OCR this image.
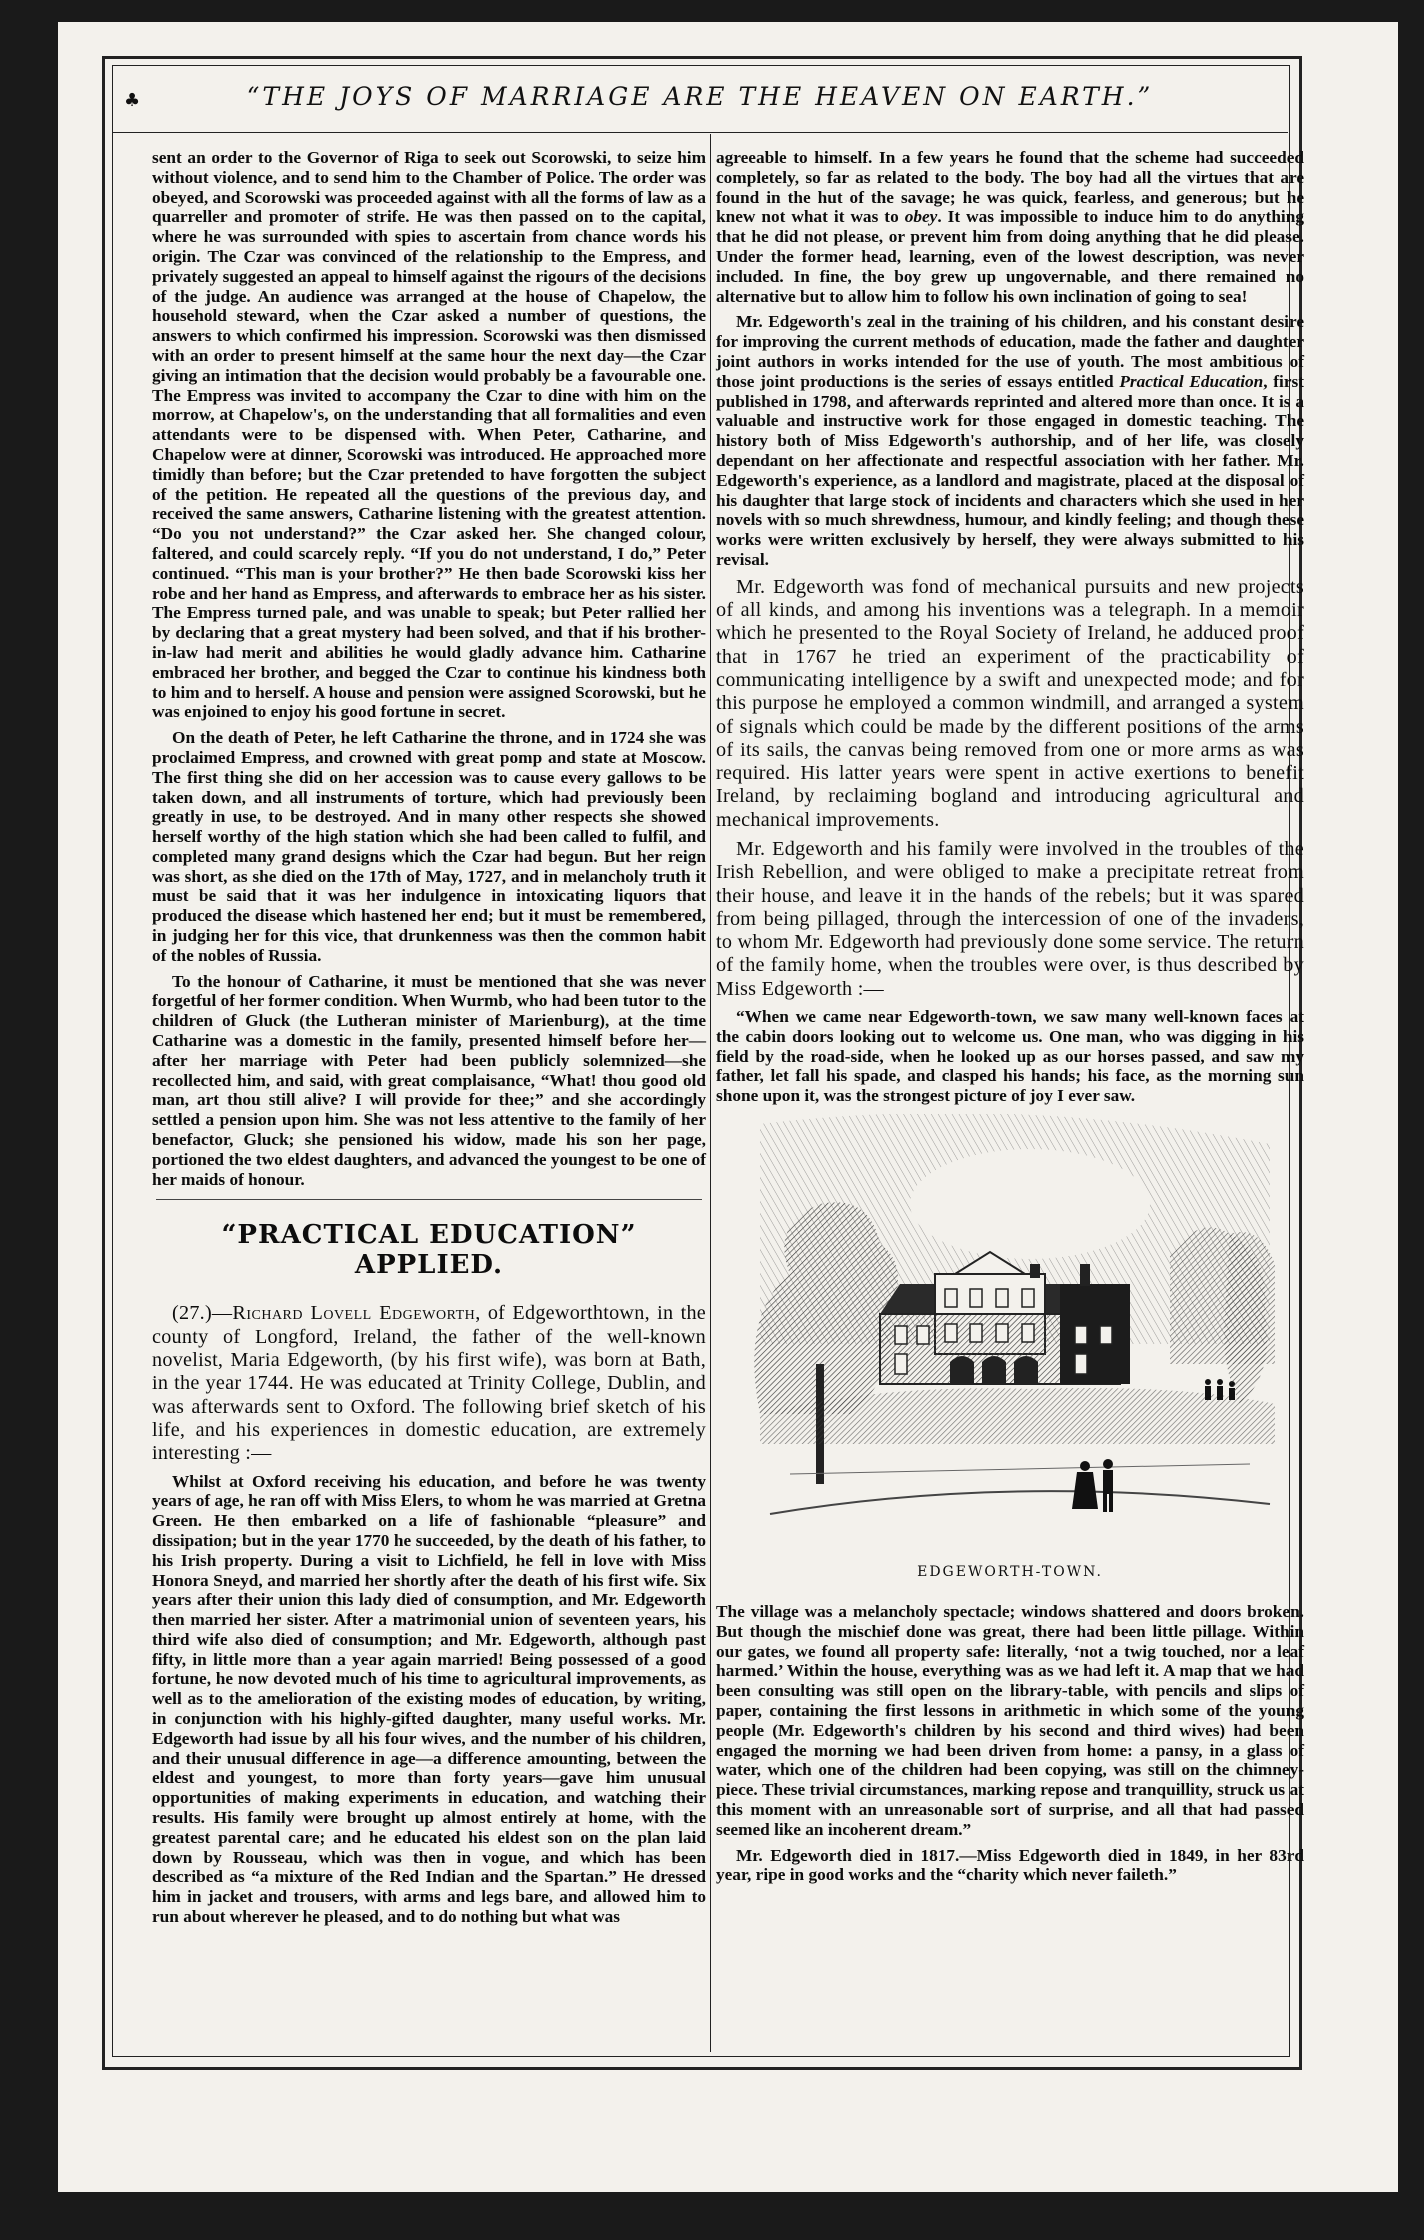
♣	“THE JOYS OF MARRIAGE ARE THE HEAVEN ON EARTH.”

sent an order to the Governor of Riga to seek out Scorowski, to seize him without violence, and to send him to the Chamber of Police. The order was obeyed, and Scorowski was proceeded against with all the forms of law as a quarreller and promoter of strife. He was then passed on to the capital, where he was surrounded with spies to ascertain from chance words his origin. The Czar was convinced of the relationship to the Empress, and privately suggested an appeal to himself against the rigours of the decisions of the judge. An audience was arranged at the house of Chapelow, the household steward, when the Czar asked a number of questions, the answers to which confirmed his impression. Scorowski was then dismissed with an order to present himself at the same hour the next day—the Czar giving an intimation that the decision would probably be a favourable one. The Empress was invited to accompany the Czar to dine with him on the morrow, at Chapelow's, on the understanding that all formalities and even attendants were to be dispensed with. When Peter, Catharine, and Chapelow were at dinner, Scorowski was introduced. He approached more timidly than before; but the Czar pretended to have forgotten the subject of the petition. He repeated all the questions of the previous day, and received the same answers, Catharine listening with the greatest attention. “Do you not understand?” the Czar asked her. She changed colour, faltered, and could scarcely reply. “If you do not understand, I do,” Peter continued. “This man is your brother?” He then bade Scorowski kiss her robe and her hand as Empress, and afterwards to embrace her as his sister. The Empress turned pale, and was unable to speak; but Peter rallied her by declaring that a great mystery had been solved, and that if his brother-in-law had merit and abilities he would gladly advance him. Catharine embraced her brother, and begged the Czar to continue his kindness both to him and to herself. A house and pension were assigned Scorowski, but he was enjoined to enjoy his good fortune in secret.

On the death of Peter, he left Catharine the throne, and in 1724 she was proclaimed Empress, and crowned with great pomp and state at Moscow. The first thing she did on her accession was to cause every gallows to be taken down, and all instruments of torture, which had previously been greatly in use, to be destroyed. And in many other respects she showed herself worthy of the high station which she had been called to fulfil, and completed many grand designs which the Czar had begun. But her reign was short, as she died on the 17th of May, 1727, and in melancholy truth it must be said that it was her indulgence in intoxicating liquors that produced the disease which hastened her end; but it must be remembered, in judging her for this vice, that drunkenness was then the common habit of the nobles of Russia.

To the honour of Catharine, it must be mentioned that she was never forgetful of her former condition. When Wurmb, who had been tutor to the children of Gluck (the Lutheran minister of Marienburg), at the time Catharine was a domestic in the family, presented himself before her—after her marriage with Peter had been publicly solemnized—she recollected him, and said, with great complaisance, “What! thou good old man, art thou still alive? I will provide for thee;” and she accordingly settled a pension upon him. She was not less attentive to the family of her benefactor, Gluck; she pensioned his widow, made his son her page, portioned the two eldest daughters, and advanced the youngest to be one of her maids of honour.

“PRACTICAL EDUCATION” APPLIED.

(27.)—Richard Lovell Edgeworth, of Edgeworthtown, in the county of Longford, Ireland, the father of the well-known novelist, Maria Edgeworth, (by his first wife), was born at Bath, in the year 1744. He was educated at Trinity College, Dublin, and was afterwards sent to Oxford. The following brief sketch of his life, and his experiences in domestic education, are extremely interesting :—

Whilst at Oxford receiving his education, and before he was twenty years of age, he ran off with Miss Elers, to whom he was married at Gretna Green. He then embarked on a life of fashionable “pleasure” and dissipation; but in the year 1770 he succeeded, by the death of his father, to his Irish property. During a visit to Lichfield, he fell in love with Miss Honora Sneyd, and married her shortly after the death of his first wife. Six years after their union this lady died of consumption, and Mr. Edgeworth then married her sister. After a matrimonial union of seventeen years, his third wife also died of consumption; and Mr. Edgeworth, although past fifty, in little more than a year again married! Being possessed of a good fortune, he now devoted much of his time to agricultural improvements, as well as to the amelioration of the existing modes of education, by writing, in conjunction with his highly-gifted daughter, many useful works. Mr. Edgeworth had issue by all his four wives, and the number of his children, and their unusual difference in age—a difference amounting, between the eldest and youngest, to more than forty years—gave him unusual opportunities of making experiments in education, and watching their results. His family were brought up almost entirely at home, with the greatest parental care; and he educated his eldest son on the plan laid down by Rousseau, which was then in vogue, and which has been described as “a mixture of the Red Indian and the Spartan.” He dressed him in jacket and trousers, with arms and legs bare, and allowed him to run about wherever he pleased, and to do nothing but what was

agreeable to himself. In a few years he found that the scheme had succeeded completely, so far as related to the body. The boy had all the virtues that are found in the hut of the savage; he was quick, fearless, and generous; but he knew not what it was to obey. It was impossible to induce him to do anything that he did not please, or prevent him from doing anything that he did please. Under the former head, learning, even of the lowest description, was never included. In fine, the boy grew up ungovernable, and there remained no alternative but to allow him to follow his own inclination of going to sea!

Mr. Edgeworth's zeal in the training of his children, and his constant desire for improving the current methods of education, made the father and daughter joint authors in works intended for the use of youth. The most ambitious of those joint productions is the series of essays entitled Practical Education, first published in 1798, and afterwards reprinted and altered more than once. It is a valuable and instructive work for those engaged in domestic teaching. The history both of Miss Edgeworth's authorship, and of her life, was closely dependant on her affectionate and respectful association with her father. Mr. Edgeworth's experience, as a landlord and magistrate, placed at the disposal of his daughter that large stock of incidents and characters which she used in her novels with so much shrewdness, humour, and kindly feeling; and though these works were written exclusively by herself, they were always submitted to his revisal.

Mr. Edgeworth was fond of mechanical pursuits and new projects of all kinds, and among his inventions was a telegraph. In a memoir which he presented to the Royal Society of Ireland, he adduced proof that in 1767 he tried an experiment of the practicability of communicating intelligence by a swift and unexpected mode; and for this purpose he employed a common windmill, and arranged a system of signals which could be made by the different positions of the arms of its sails, the canvas being removed from one or more arms as was required. His latter years were spent in active exertions to benefit Ireland, by reclaiming bogland and introducing agricultural and mechanical improvements.

Mr. Edgeworth and his family were involved in the troubles of the Irish Rebellion, and were obliged to make a precipitate retreat from their house, and leave it in the hands of the rebels; but it was spared from being pillaged, through the intercession of one of the invaders, to whom Mr. Edgeworth had previously done some service. The return of the family home, when the troubles were over, is thus described by Miss Edgeworth :—

“When we came near Edgeworth-town, we saw many well-known faces at the cabin doors looking out to welcome us. One man, who was digging in his field by the road-side, when he looked up as our horses passed, and saw my father, let fall his spade, and clasped his hands; his face, as the morning sun shone upon it, was the strongest picture of joy I ever saw.

EDGEWORTH-TOWN.

The village was a melancholy spectacle; windows shattered and doors broken. But though the mischief done was great, there had been little pillage. Within our gates, we found all property safe: literally, ‘not a twig touched, nor a leaf harmed.’ Within the house, everything was as we had left it. A map that we had been consulting was still open on the library-table, with pencils and slips of paper, containing the first lessons in arithmetic in which some of the young people (Mr. Edgeworth's children by his second and third wives) had been engaged the morning we had been driven from home: a pansy, in a glass of water, which one of the children had been copying, was still on the chimney-piece. These trivial circumstances, marking repose and tranquillity, struck us at this moment with an unreasonable sort of surprise, and all that had passed seemed like an incoherent dream.”

Mr. Edgeworth died in 1817.—Miss Edgeworth died in 1849, in her 83rd year, ripe in good works and the “charity which never faileth.”
